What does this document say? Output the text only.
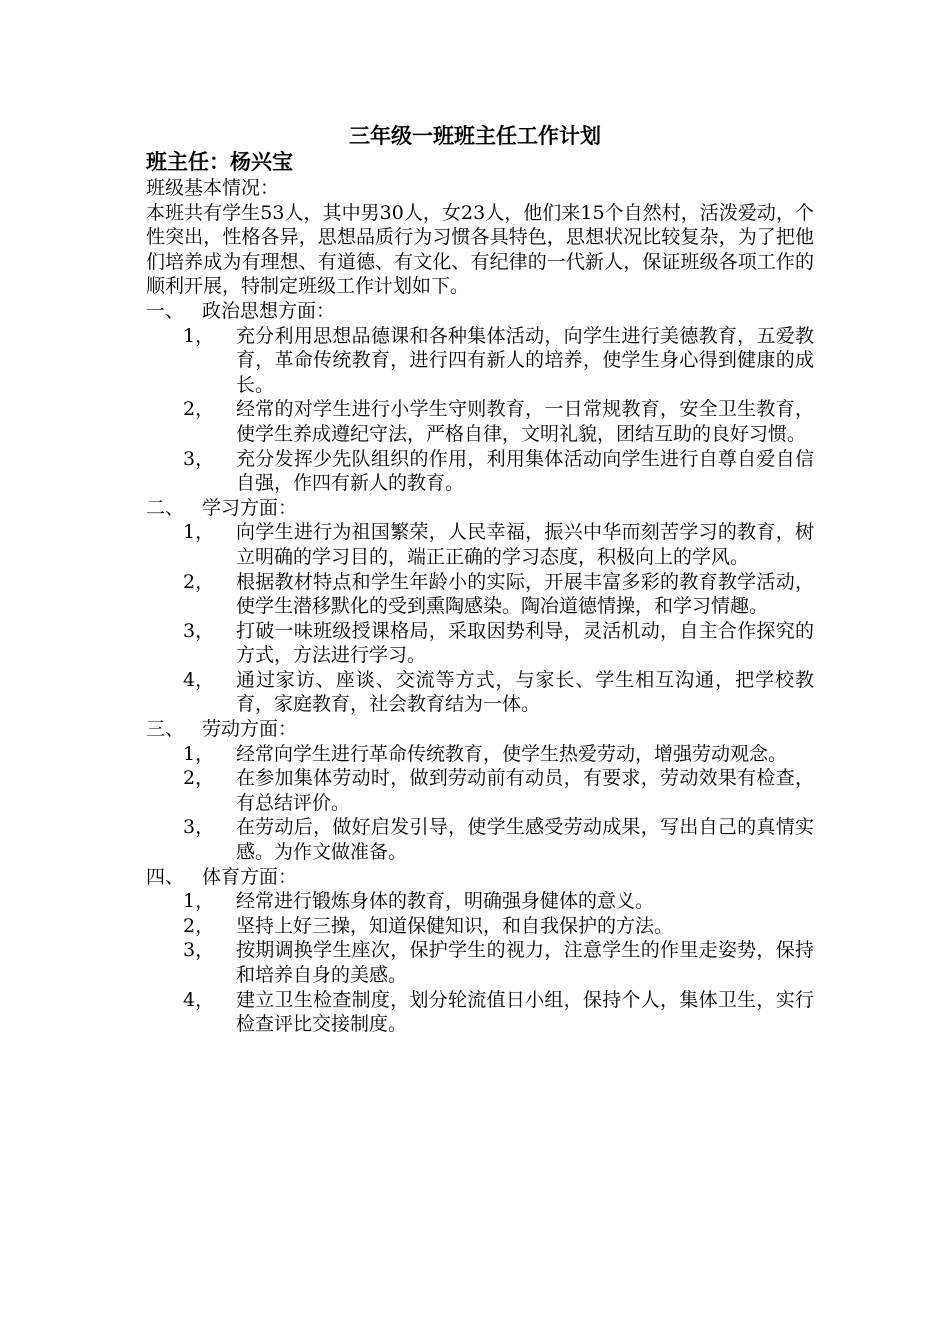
三年级一班班主任工作计划
班主任：杨兴宝

班级基本情况：

本班共有学生53人，其中男30人，女23人，他们来15个自然村，活泼爱动，个性突出，性格各异，思想品质行为习惯各具特色，思想状况比较复杂，为了把他们培养成为有理想、有道德、有文化、有纪律的一代新人，保证班级各项工作的顺利开展，特制定班级工作计划如下。

一、 政治思想方面：
1，	充分利用思想品德课和各种集体活动，向学生进行美德教育，五爱教育，革命传统教育，进行四有新人的培养，使学生身心得到健康的成长。
2，	经常的对学生进行小学生守则教育，一日常规教育，安全卫生教育，使学生养成遵纪守法，严格自律，文明礼貌，团结互助的良好习惯。
3，	充分发挥少先队组织的作用，利用集体活动向学生进行自尊自爱自信自强，作四有新人的教育。
二、 学习方面：
1，	向学生进行为祖国繁荣，人民幸福，振兴中华而刻苦学习的教育，树立明确的学习目的，端正正确的学习态度，积极向上的学风。
2，	根据教材特点和学生年龄小的实际，开展丰富多彩的教育教学活动，使学生潜移默化的受到熏陶感染。陶冶道德情操，和学习情趣。
3，	打破一味班级授课格局，采取因势利导，灵活机动，自主合作探究的方式，方法进行学习。
4，	通过家访、座谈、交流等方式，与家长、学生相互沟通，把学校教育，家庭教育，社会教育结为一体。
三、 劳动方面：
1，	经常向学生进行革命传统教育，使学生热爱劳动，增强劳动观念。
2，	在参加集体劳动时，做到劳动前有动员，有要求，劳动效果有检查，有总结评价。
3，	在劳动后，做好启发引导，使学生感受劳动成果，写出自己的真情实感。为作文做准备。
四、 体育方面：
1，	经常进行锻炼身体的教育，明确强身健体的意义。
2，	坚持上好三操，知道保健知识，和自我保护的方法。
3，	按期调换学生座次，保护学生的视力，注意学生的作里走姿势，保持和培养自身的美感。
4，	建立卫生检查制度，划分轮流值日小组，保持个人，集体卫生，实行检查评比交接制度。
